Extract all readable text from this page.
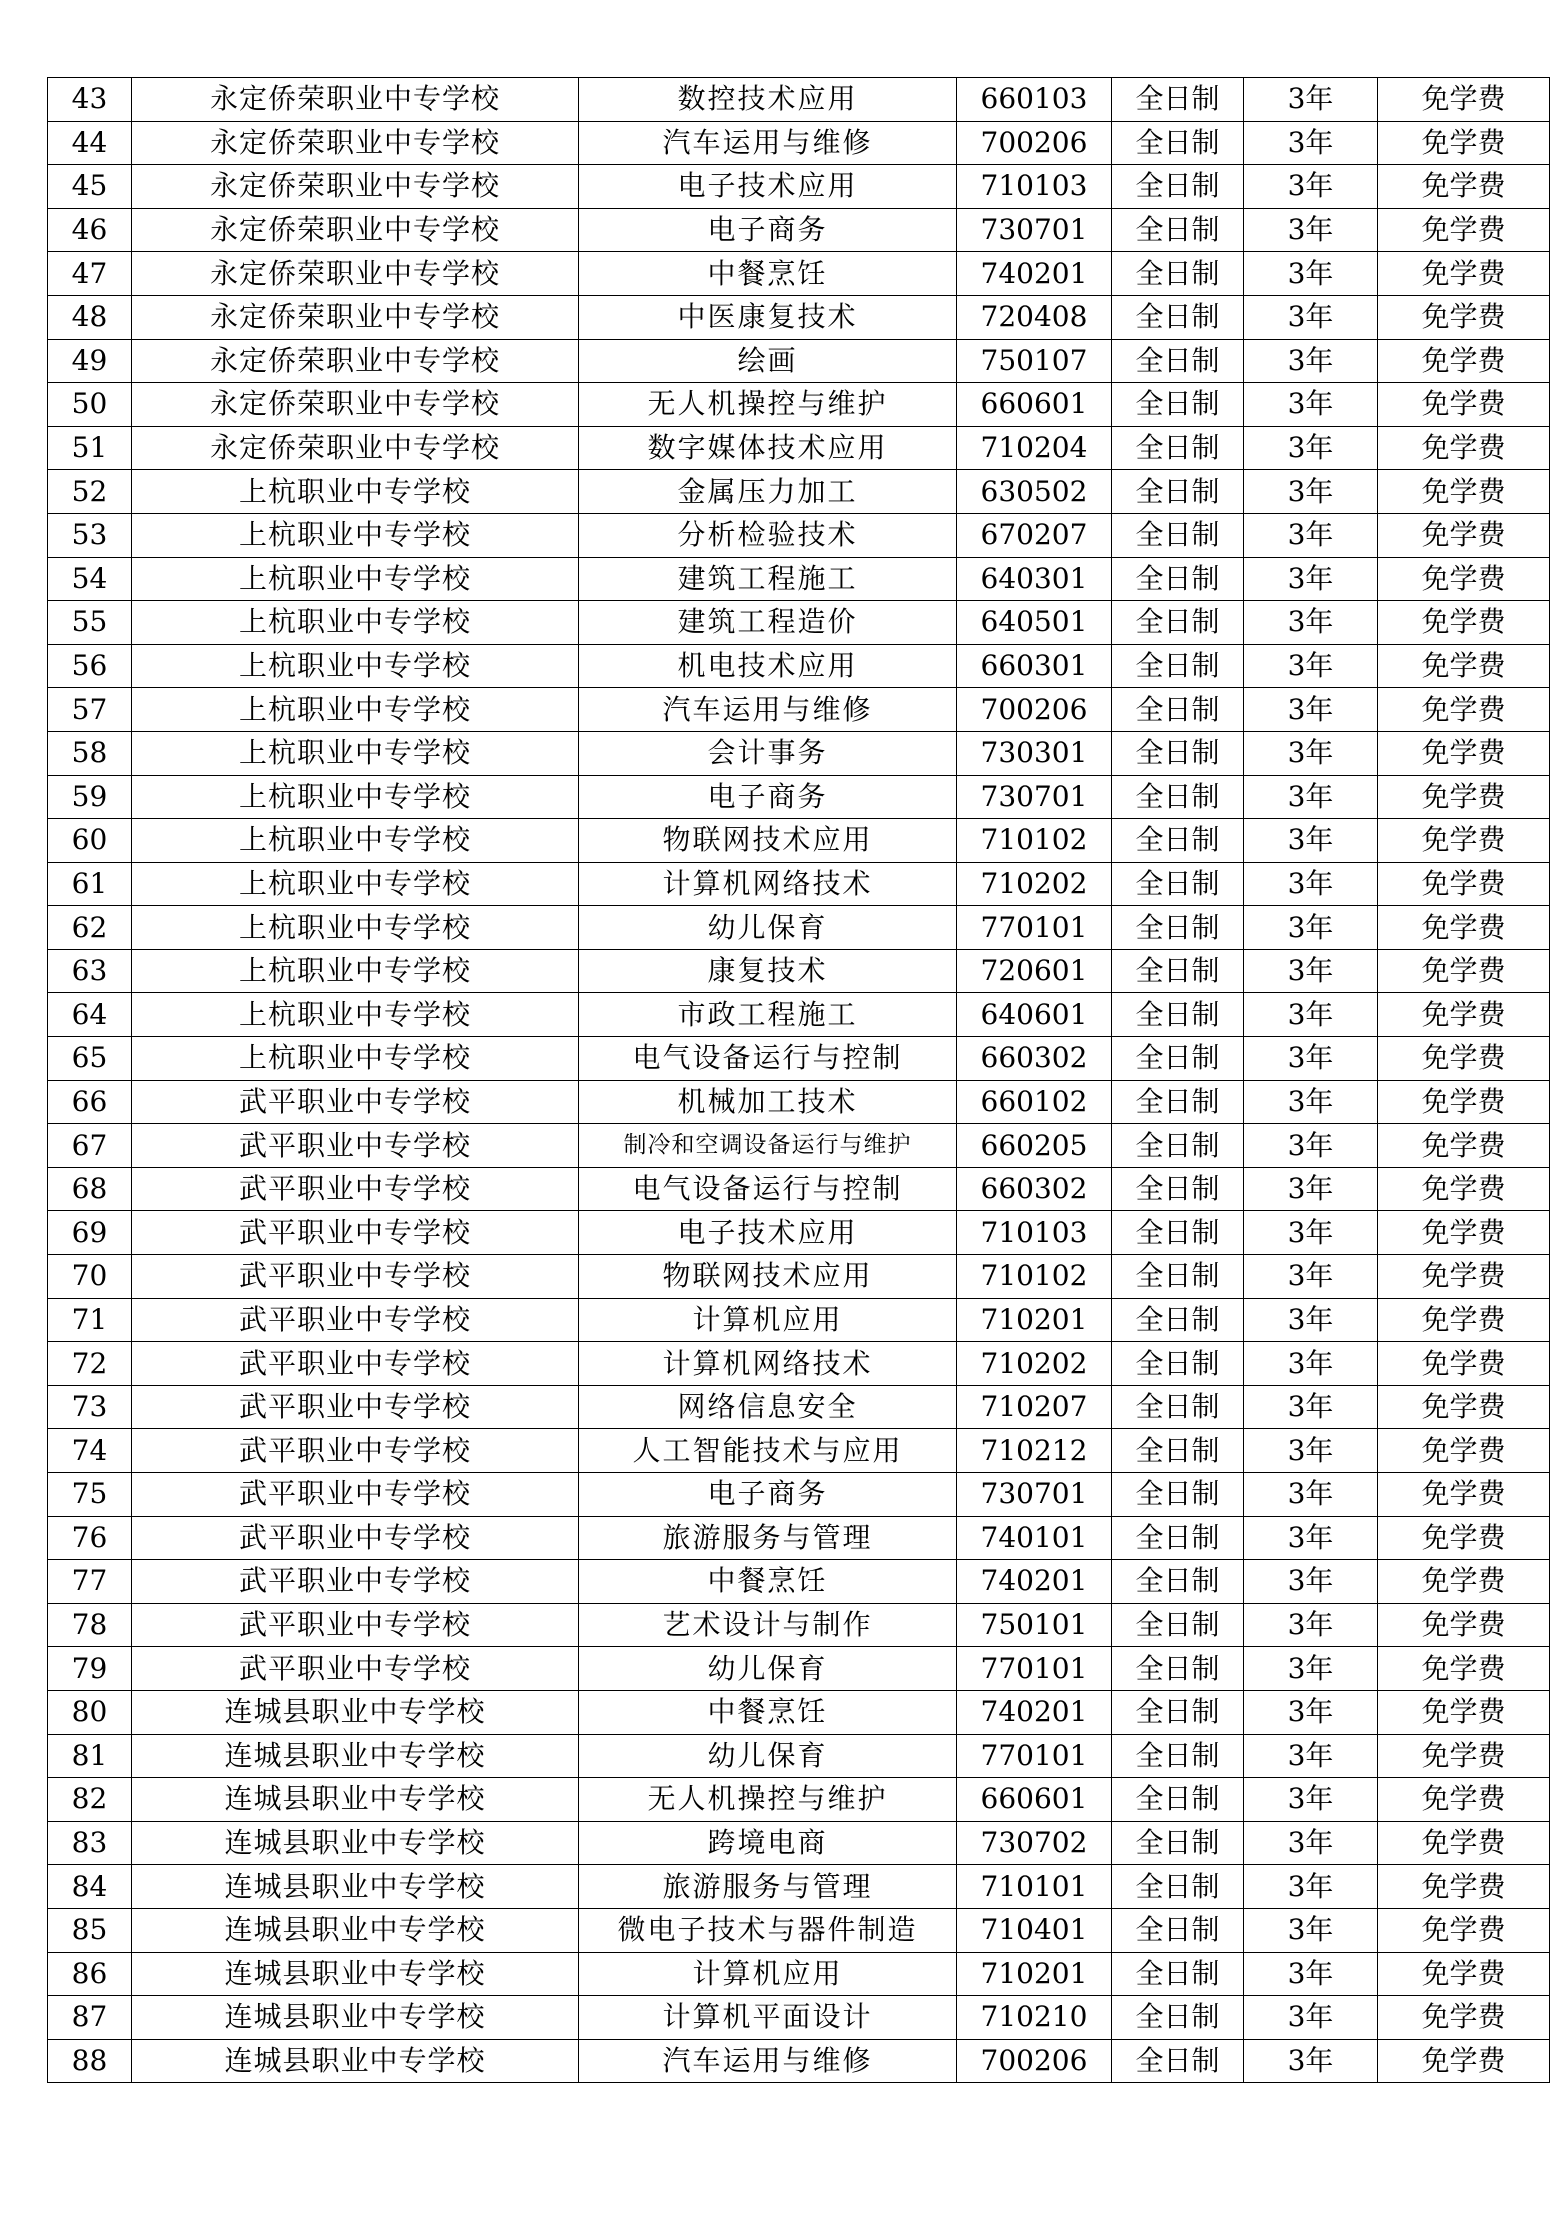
43	永定侨荣职业中专学校	数控技术应用	660103	全日制	3年	免学费
44	永定侨荣职业中专学校	汽车运用与维修	700206	全日制	3年	免学费
45	永定侨荣职业中专学校	电子技术应用	710103	全日制	3年	免学费
46	永定侨荣职业中专学校	电子商务	730701	全日制	3年	免学费
47	永定侨荣职业中专学校	中餐烹饪	740201	全日制	3年	免学费
48	永定侨荣职业中专学校	中医康复技术	720408	全日制	3年	免学费
49	永定侨荣职业中专学校	绘画	750107	全日制	3年	免学费
50	永定侨荣职业中专学校	无人机操控与维护	660601	全日制	3年	免学费
51	永定侨荣职业中专学校	数字媒体技术应用	710204	全日制	3年	免学费
52	上杭职业中专学校	金属压力加工	630502	全日制	3年	免学费
53	上杭职业中专学校	分析检验技术	670207	全日制	3年	免学费
54	上杭职业中专学校	建筑工程施工	640301	全日制	3年	免学费
55	上杭职业中专学校	建筑工程造价	640501	全日制	3年	免学费
56	上杭职业中专学校	机电技术应用	660301	全日制	3年	免学费
57	上杭职业中专学校	汽车运用与维修	700206	全日制	3年	免学费
58	上杭职业中专学校	会计事务	730301	全日制	3年	免学费
59	上杭职业中专学校	电子商务	730701	全日制	3年	免学费
60	上杭职业中专学校	物联网技术应用	710102	全日制	3年	免学费
61	上杭职业中专学校	计算机网络技术	710202	全日制	3年	免学费
62	上杭职业中专学校	幼儿保育	770101	全日制	3年	免学费
63	上杭职业中专学校	康复技术	720601	全日制	3年	免学费
64	上杭职业中专学校	市政工程施工	640601	全日制	3年	免学费
65	上杭职业中专学校	电气设备运行与控制	660302	全日制	3年	免学费
66	武平职业中专学校	机械加工技术	660102	全日制	3年	免学费
67	武平职业中专学校	制冷和空调设备运行与维护	660205	全日制	3年	免学费
68	武平职业中专学校	电气设备运行与控制	660302	全日制	3年	免学费
69	武平职业中专学校	电子技术应用	710103	全日制	3年	免学费
70	武平职业中专学校	物联网技术应用	710102	全日制	3年	免学费
71	武平职业中专学校	计算机应用	710201	全日制	3年	免学费
72	武平职业中专学校	计算机网络技术	710202	全日制	3年	免学费
73	武平职业中专学校	网络信息安全	710207	全日制	3年	免学费
74	武平职业中专学校	人工智能技术与应用	710212	全日制	3年	免学费
75	武平职业中专学校	电子商务	730701	全日制	3年	免学费
76	武平职业中专学校	旅游服务与管理	740101	全日制	3年	免学费
77	武平职业中专学校	中餐烹饪	740201	全日制	3年	免学费
78	武平职业中专学校	艺术设计与制作	750101	全日制	3年	免学费
79	武平职业中专学校	幼儿保育	770101	全日制	3年	免学费
80	连城县职业中专学校	中餐烹饪	740201	全日制	3年	免学费
81	连城县职业中专学校	幼儿保育	770101	全日制	3年	免学费
82	连城县职业中专学校	无人机操控与维护	660601	全日制	3年	免学费
83	连城县职业中专学校	跨境电商	730702	全日制	3年	免学费
84	连城县职业中专学校	旅游服务与管理	710101	全日制	3年	免学费
85	连城县职业中专学校	微电子技术与器件制造	710401	全日制	3年	免学费
86	连城县职业中专学校	计算机应用	710201	全日制	3年	免学费
87	连城县职业中专学校	计算机平面设计	710210	全日制	3年	免学费
88	连城县职业中专学校	汽车运用与维修	700206	全日制	3年	免学费
